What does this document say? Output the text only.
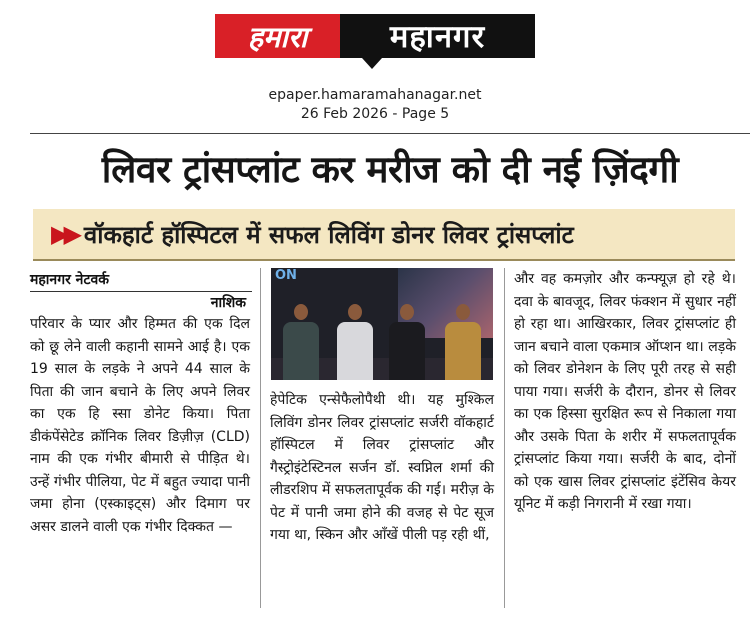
हमारा	महानगर
epaper.hamaramahanagar.net
26 Feb 2026 - Page 5
लिवर ट्रांसप्लांट कर मरीज को दी नई ज़िंदगी
▶▶ वॉकहार्ट हॉस्पिटल में सफल लिविंग डोनर लिवर ट्रांसप्लांट
महानगर नेटवर्क
नाशिक
परिवार के प्यार और हिम्मत की एक दिल को छू लेने वाली कहानी सामने आई है। एक 19 साल के लड़के ने अपने 44 साल के पिता की जान बचाने के लिए अपने लिवर का एक हि स्सा डोनेट किया। पिता डीकंपेंसेटेड क्रॉनिक लिवर डिज़ीज़ (CLD) नाम की एक गंभीर बीमारी से पीड़ित थे। उन्हें गंभीर पीलिया, पेट में बहुत ज्यादा पानी जमा होना (एस्काइट्स) और दिमाग पर असर डालने वाली एक गंभीर दिक्कत —
ON
हेपेटिक एन्सेफैलोपैथी थी। यह मुश्किल लिविंग डोनर लिवर ट्रांसप्लांट सर्जरी वॉकहार्ट हॉस्पिटल में लिवर ट्रांसप्लांट और गैस्ट्रोइंटेस्टिनल सर्जन डॉ. स्वप्निल शर्मा की लीडरशिप में सफलतापूर्वक की गई। मरीज़ के पेट में पानी जमा होने की वजह से पेट सूज गया था, स्किन और आँखें पीली पड़ रही थीं,
और वह कमज़ोर और कन्फ्यूज़ हो रहे थे। दवा के बावजूद, लिवर फंक्शन में सुधार नहीं हो रहा था। आखिरकार, लिवर ट्रांसप्लांट ही जान बचाने वाला एकमात्र ऑप्शन था। लड़के को लिवर डोनेशन के लिए पूरी तरह से सही पाया गया। सर्जरी के दौरान, डोनर से लिवर का एक हिस्सा सुरक्षित रूप से निकाला गया और उसके पिता के शरीर में सफलतापूर्वक ट्रांसप्लांट किया गया। सर्जरी के बाद, दोनों को एक खास लिवर ट्रांसप्लांट इंटेंसिव केयर यूनिट में कड़ी निगरानी में रखा गया।
